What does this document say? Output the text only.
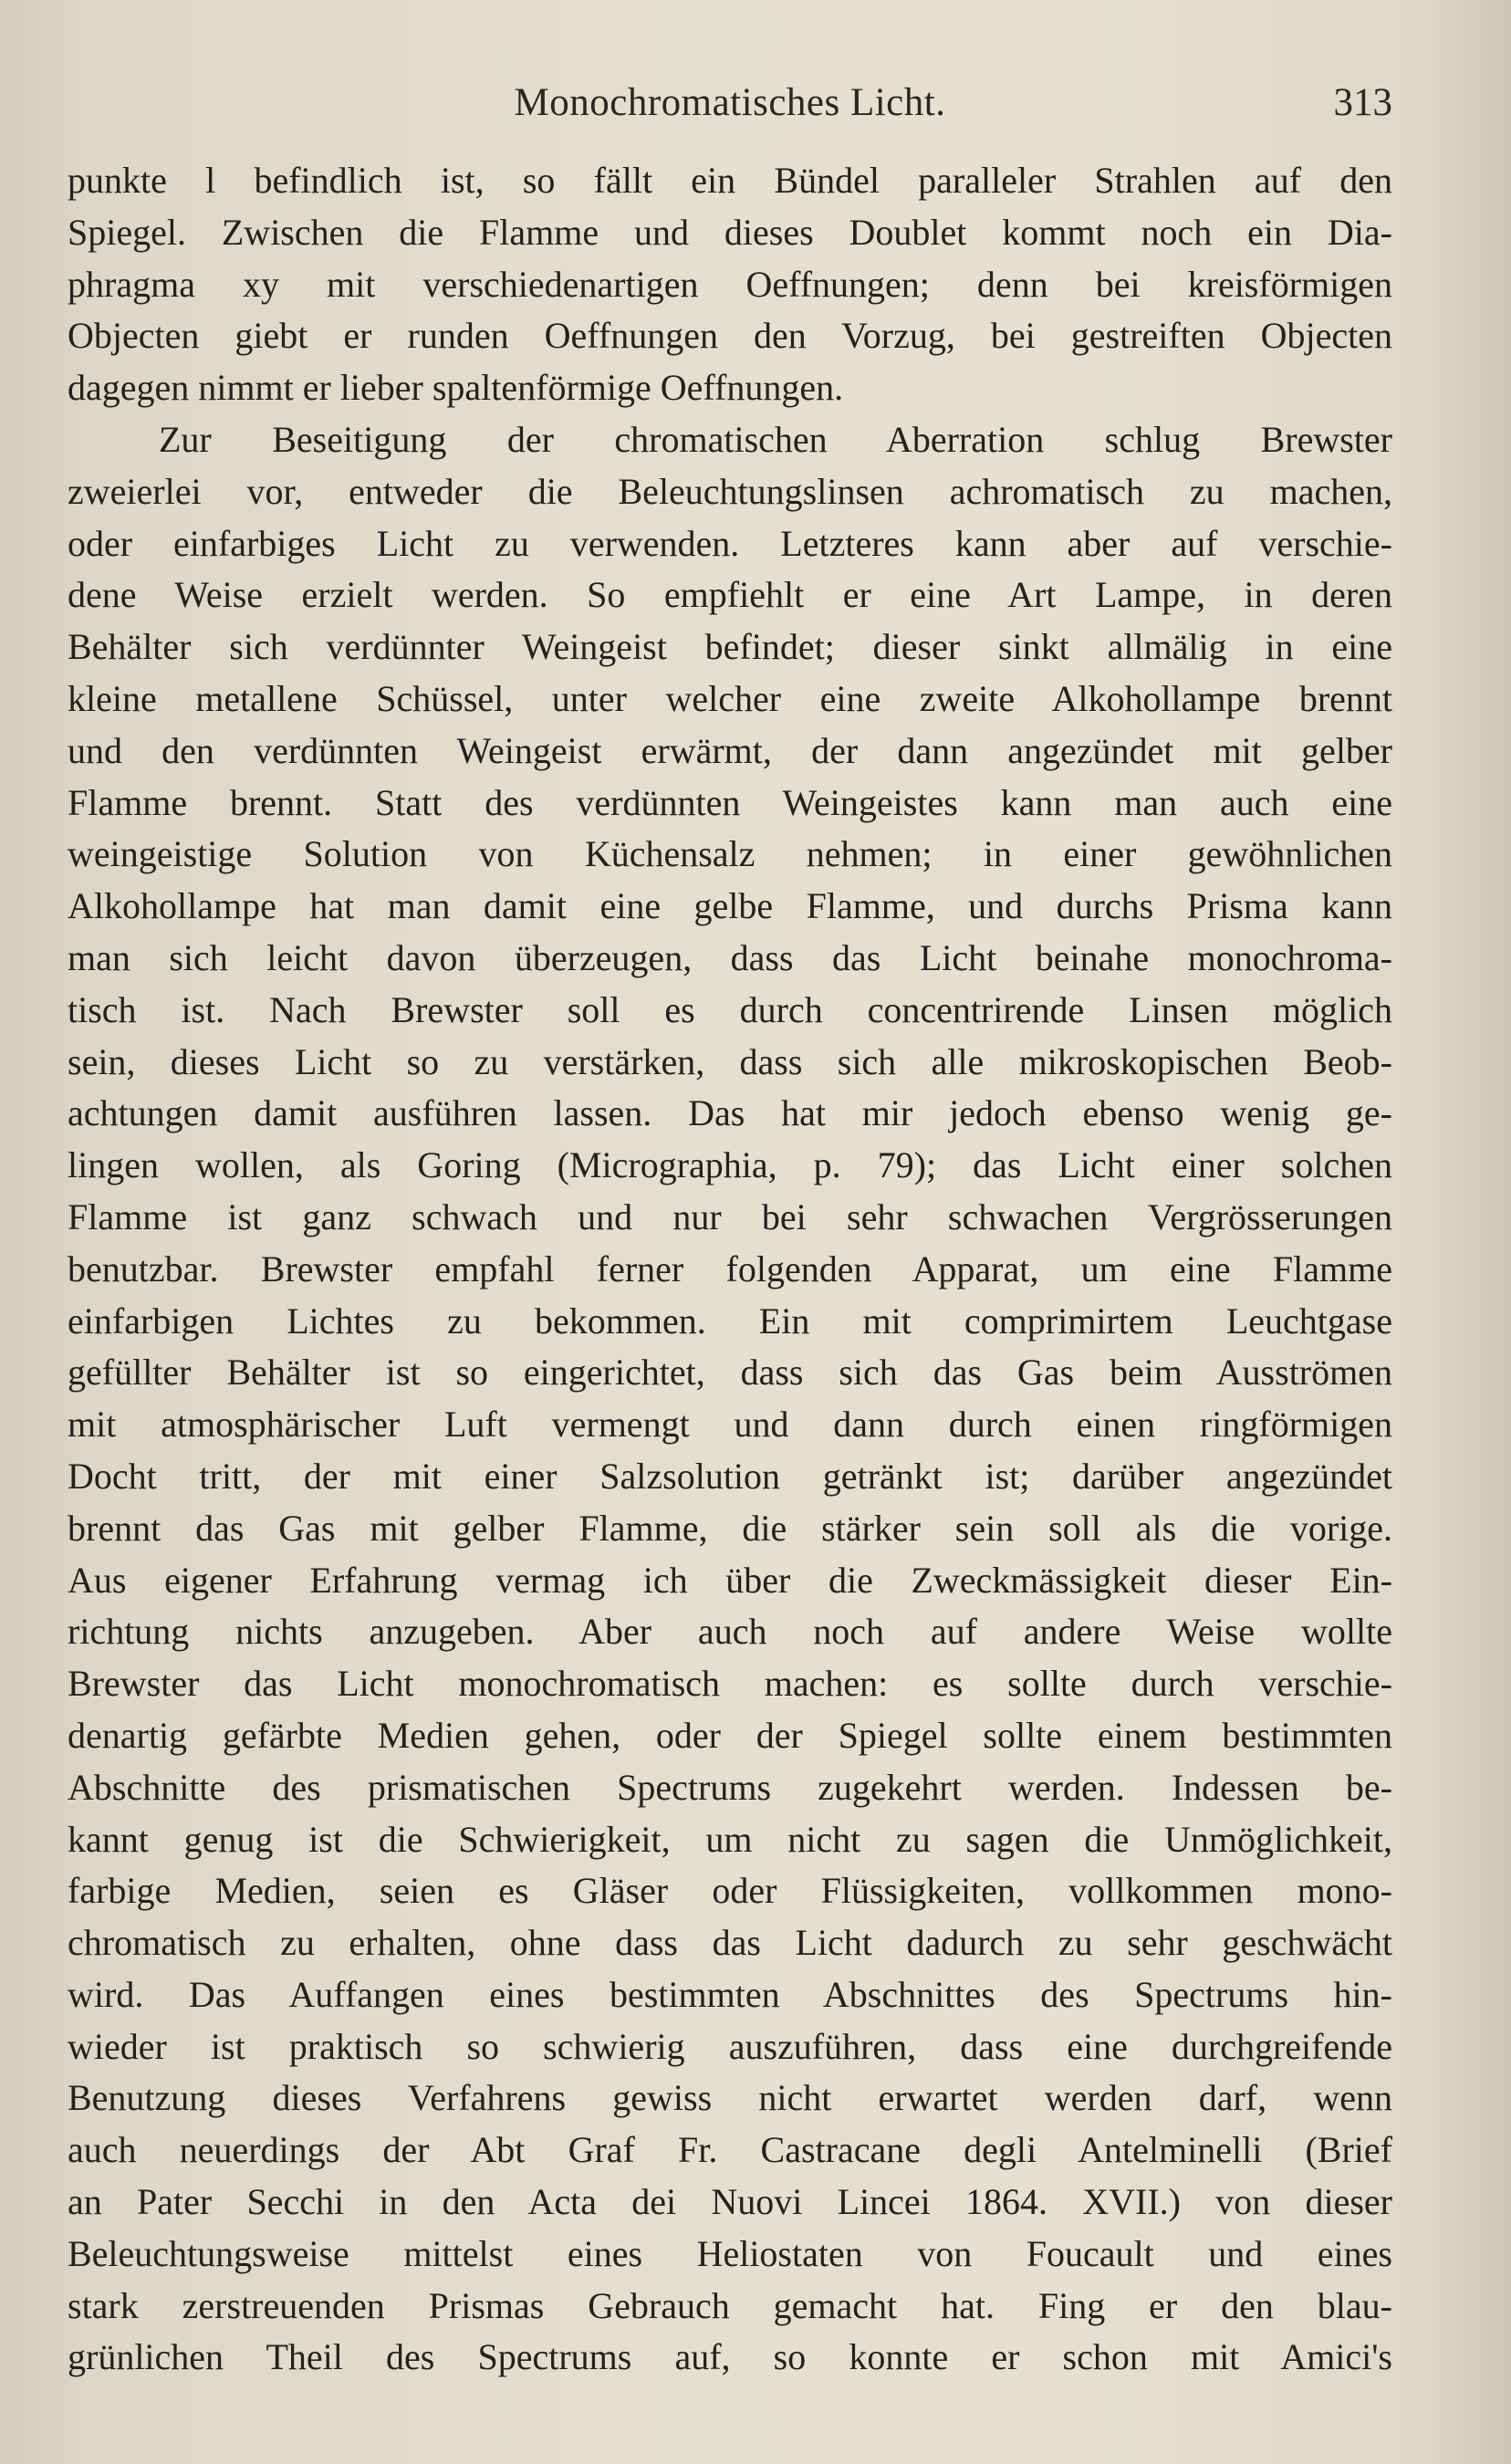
Monochromatisches Licht.	313
punkte l befindlich ist, so fällt ein Bündel paralleler Strahlen auf den
Spiegel. Zwischen die Flamme und dieses Doublet kommt noch ein Dia-
phragma xy mit verschiedenartigen Oeffnungen; denn bei kreisförmigen
Objecten giebt er runden Oeffnungen den Vorzug, bei gestreiften Objecten
dagegen nimmt er lieber spaltenförmige Oeffnungen.
Zur Beseitigung der chromatischen Aberration schlug Brewster
zweierlei vor, entweder die Beleuchtungslinsen achromatisch zu machen,
oder einfarbiges Licht zu verwenden. Letzteres kann aber auf verschie-
dene Weise erzielt werden. So empfiehlt er eine Art Lampe, in deren
Behälter sich verdünnter Weingeist befindet; dieser sinkt allmälig in eine
kleine metallene Schüssel, unter welcher eine zweite Alkohollampe brennt
und den verdünnten Weingeist erwärmt, der dann angezündet mit gelber
Flamme brennt. Statt des verdünnten Weingeistes kann man auch eine
weingeistige Solution von Küchensalz nehmen; in einer gewöhnlichen
Alkohollampe hat man damit eine gelbe Flamme, und durchs Prisma kann
man sich leicht davon überzeugen, dass das Licht beinahe monochroma-
tisch ist. Nach Brewster soll es durch concentrirende Linsen möglich
sein, dieses Licht so zu verstärken, dass sich alle mikroskopischen Beob-
achtungen damit ausführen lassen. Das hat mir jedoch ebenso wenig ge-
lingen wollen, als Goring (Micrographia, p. 79); das Licht einer solchen
Flamme ist ganz schwach und nur bei sehr schwachen Vergrösserungen
benutzbar. Brewster empfahl ferner folgenden Apparat, um eine Flamme
einfarbigen Lichtes zu bekommen. Ein mit comprimirtem Leuchtgase
gefüllter Behälter ist so eingerichtet, dass sich das Gas beim Ausströmen
mit atmosphärischer Luft vermengt und dann durch einen ringförmigen
Docht tritt, der mit einer Salzsolution getränkt ist; darüber angezündet
brennt das Gas mit gelber Flamme, die stärker sein soll als die vorige.
Aus eigener Erfahrung vermag ich über die Zweckmässigkeit dieser Ein-
richtung nichts anzugeben. Aber auch noch auf andere Weise wollte
Brewster das Licht monochromatisch machen: es sollte durch verschie-
denartig gefärbte Medien gehen, oder der Spiegel sollte einem bestimmten
Abschnitte des prismatischen Spectrums zugekehrt werden. Indessen be-
kannt genug ist die Schwierigkeit, um nicht zu sagen die Unmöglichkeit,
farbige Medien, seien es Gläser oder Flüssigkeiten, vollkommen mono-
chromatisch zu erhalten, ohne dass das Licht dadurch zu sehr geschwächt
wird. Das Auffangen eines bestimmten Abschnittes des Spectrums hin-
wieder ist praktisch so schwierig auszuführen, dass eine durchgreifende
Benutzung dieses Verfahrens gewiss nicht erwartet werden darf, wenn
auch neuerdings der Abt Graf Fr. Castracane degli Antelminelli (Brief
an Pater Secchi in den Acta dei Nuovi Lincei 1864. XVII.) von dieser
Beleuchtungsweise mittelst eines Heliostaten von Foucault und eines
stark zerstreuenden Prismas Gebrauch gemacht hat. Fing er den blau-
grünlichen Theil des Spectrums auf, so konnte er schon mit Amici's
